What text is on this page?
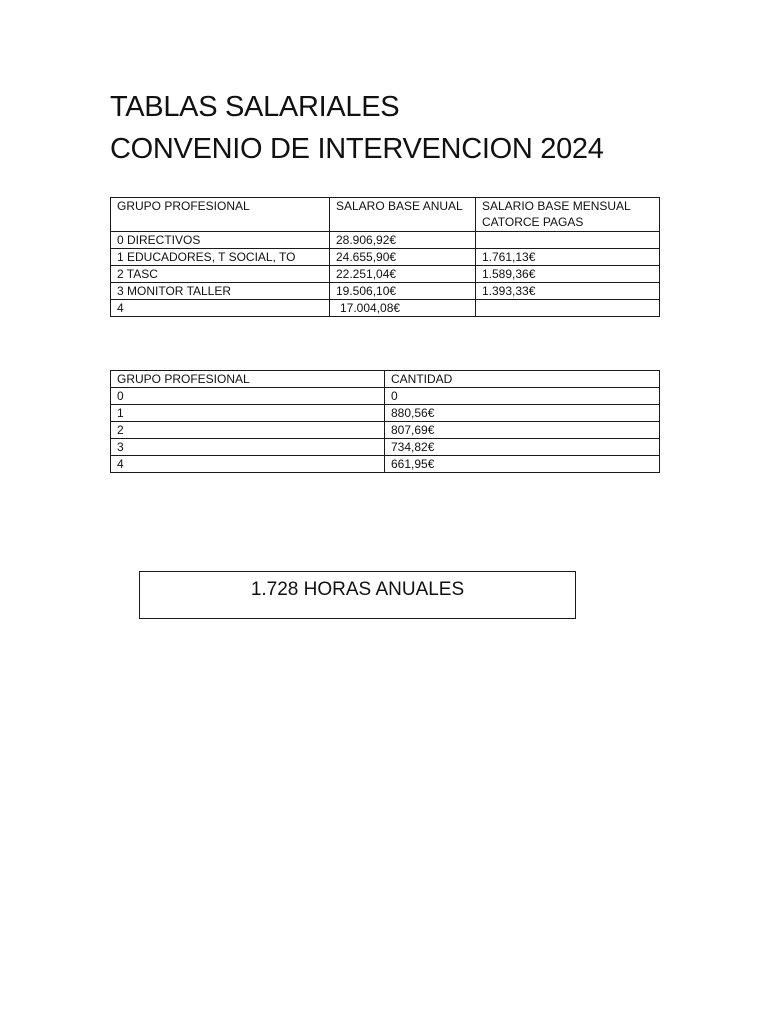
TABLAS SALARIALES
CONVENIO DE INTERVENCION 2024
GRUPO PROFESIONAL	SALARO BASE ANUAL	SALARIO BASE MENSUAL CATORCE PAGAS
0 DIRECTIVOS	28.906,92€	
1 EDUCADORES, T SOCIAL, TO	24.655,90€	1.761,13€
2 TASC	22.251,04€	1.589,36€
3 MONITOR TALLER	19.506,10€	1.393,33€
4	17.004,08€	
GRUPO PROFESIONAL	CANTIDAD
0	0
1	880,56€
2	807,69€
3	734,82€
4	661,95€
1.728 HORAS ANUALES
